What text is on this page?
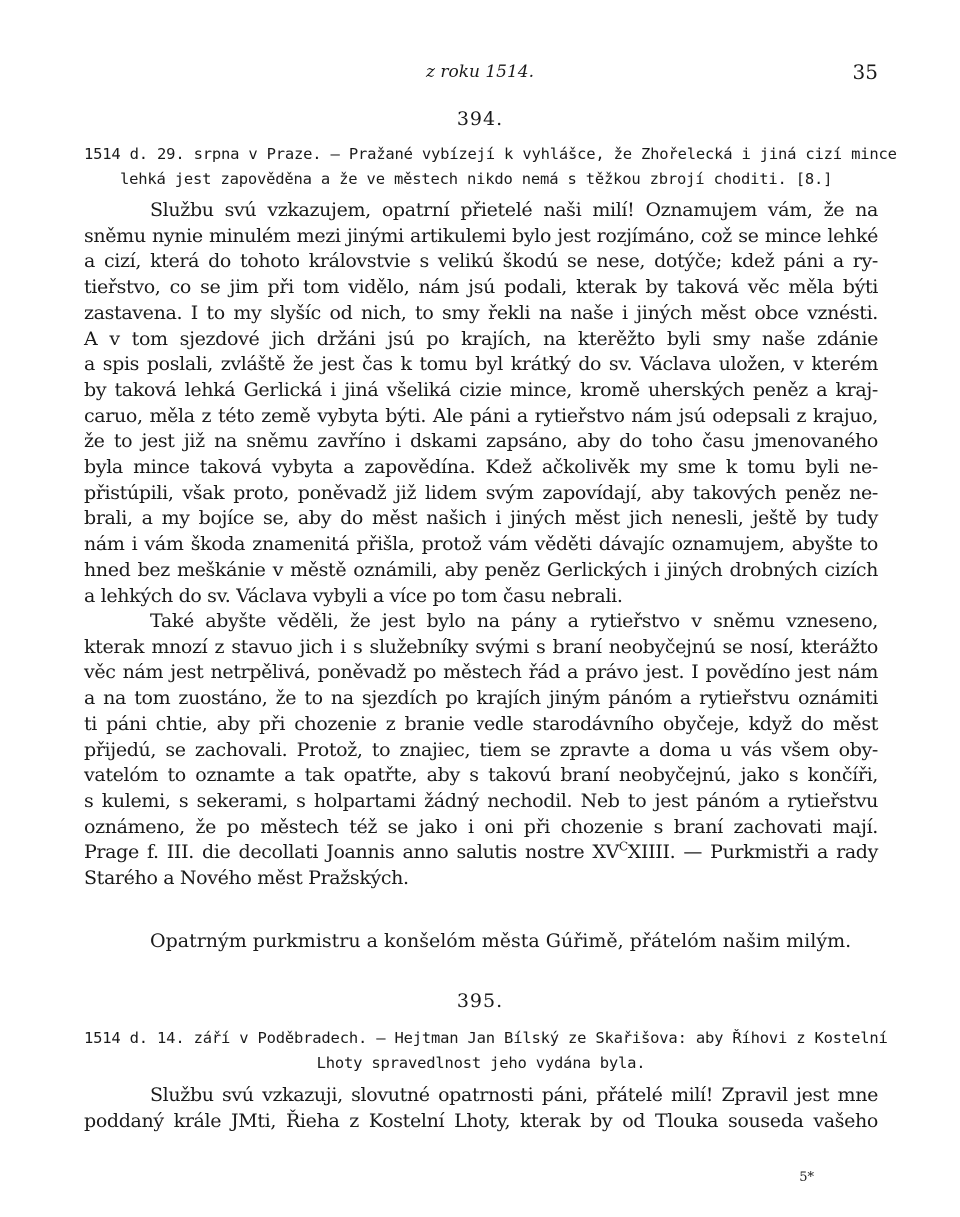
z roku 1514.	35
394.
1514 d. 29. srpna v Praze. — Pražané vybízejí k vyhlášce, že Zhořelecká i jiná cizí mince
lehká jest zapověděna a že ve městech nikdo nemá s těžkou zbrojí choditi. [8.]
Službu svú vzkazujem, opatrní přietelé naši milí! Oznamujem vám, že na
sněmu nynie minulém mezi jinými artikulemi bylo jest rozjímáno, což se mince lehké
a cizí, která do tohoto královstvie s velikú škodú se nese, dotýče; kdež páni a ry-
tieřstvo, co se jim při tom vidělo, nám jsú podali, kterak by taková věc měla býti
zastavena. I to my slyšíc od nich, to smy řekli na naše i jiných měst obce vznésti.
A v tom sjezdové jich držáni jsú po krajích, na kterěžto byli smy naše zdánie
a spis poslali, zvláště že jest čas k tomu byl krátký do sv. Václava uložen, v kterém
by taková lehká Gerlická i jiná všeliká cizie mince, kromě uherských peněz a kraj-
caruo, měla z této země vybyta býti. Ale páni a rytieřstvo nám jsú odepsali z krajuo,
že to jest již na sněmu zavříno i dskami zapsáno, aby do toho času jmenovaného
byla mince taková vybyta a zapovědína. Kdež ačkolivěk my sme k tomu byli ne-
přistúpili, však proto, poněvadž již lidem svým zapovídají, aby takových peněz ne-
brali, a my bojíce se, aby do měst našich i jiných měst jich nenesli, ještě by tudy
nám i vám škoda znamenitá přišla, protož vám věděti dávajíc oznamujem, abyšte to
hned bez meškánie v městě oznámili, aby peněz Gerlických i jiných drobných cizích
a lehkých do sv. Václava vybyli a více po tom času nebrali.
Také abyšte věděli, že jest bylo na pány a rytieřstvo v sněmu vzneseno,
kterak mnozí z stavuo jich i s služebníky svými s braní neobyčejnú se nosí, kterážto
věc nám jest netrpělivá, poněvadž po městech řád a právo jest. I povědíno jest nám
a na tom zuostáno, že to na sjezdích po krajích jiným pánóm a rytieřstvu oznámiti
ti páni chtie, aby při chozenie z branie vedle starodávního obyčeje, když do měst
přijedú, se zachovali. Protož, to znajiec, tiem se zpravte a doma u vás všem oby-
vatelóm to oznamte a tak opatřte, aby s takovú braní neobyčejnú, jako s končíři,
s kulemi, s sekerami, s holpartami žádný nechodil. Neb to jest pánóm a rytieřstvu
oznámeno, že po městech též se jako i oni při chozenie s braní zachovati mají.
Prage f. III. die decollati Joannis anno salutis nostre $XV^CXIIII$. — Purkmistři a rady
Starého a Nového měst Pražských.
Opatrným purkmistru a konšelóm města Gúřimě, přátelóm našim milým.
395.
1514 d. 14. září v Poděbradech. — Hejtman Jan Bílský ze Skařišova: aby Říhovi z Kostelní
Lhoty spravedlnost jeho vydána byla.
Službu svú vzkazuji, slovutné opatrnosti páni, přátelé milí! Zpravil jest mne
poddaný krále JMti, Řieha z Kostelní Lhoty, kterak by od Tlouka souseda vašeho
5*
